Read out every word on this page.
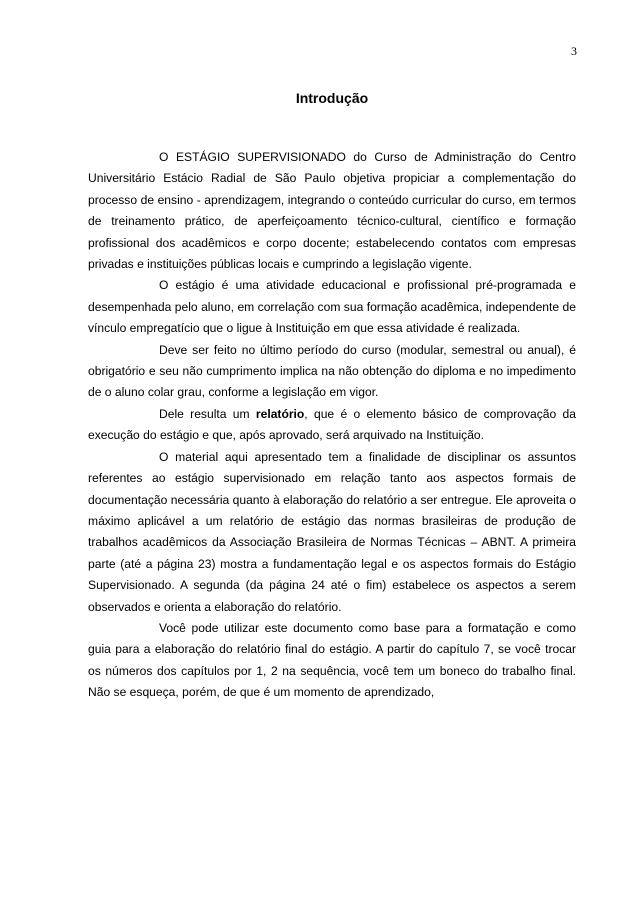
3
Introdução

O ESTÁGIO SUPERVISIONADO do Curso de Administração do Centro Universitário Estácio Radial de São Paulo objetiva propiciar a complementação do processo de ensino - aprendizagem, integrando o conteúdo curricular do curso, em termos de treinamento prático, de aperfeiçoamento técnico-cultural, científico e formação profissional dos acadêmicos e corpo docente; estabelecendo contatos com empresas privadas e instituições públicas locais e cumprindo a legislação vigente.

O estágio é uma atividade educacional e profissional pré-programada e desempenhada pelo aluno, em correlação com sua formação acadêmica, independente de vínculo empregatício que o ligue à Instituição em que essa atividade é realizada.

Deve ser feito no último período do curso (modular, semestral ou anual), é obrigatório e seu não cumprimento implica na não obtenção do diploma e no impedimento de o aluno colar grau, conforme a legislação em vigor.

Dele resulta um relatório, que é o elemento básico de comprovação da execução do estágio e que, após aprovado, será arquivado na Instituição.

O material aqui apresentado tem a finalidade de disciplinar os assuntos referentes ao estágio supervisionado em relação tanto aos aspectos formais de documentação necessária quanto à elaboração do relatório a ser entregue. Ele aproveita o máximo aplicável a um relatório de estágio das normas brasileiras de produção de trabalhos acadêmicos da Associação Brasileira de Normas Técnicas – ABNT. A primeira parte (até a página 23) mostra a fundamentação legal e os aspectos formais do Estágio Supervisionado. A segunda (da página 24 até o fim) estabelece os aspectos a serem observados e orienta a elaboração do relatório.

Você pode utilizar este documento como base para a formatação e como guia para a elaboração do relatório final do estágio. A partir do capítulo 7, se você trocar os números dos capítulos por 1, 2 na sequência, você tem um boneco do trabalho final. Não se esqueça, porém, de que é um momento de aprendizado,
